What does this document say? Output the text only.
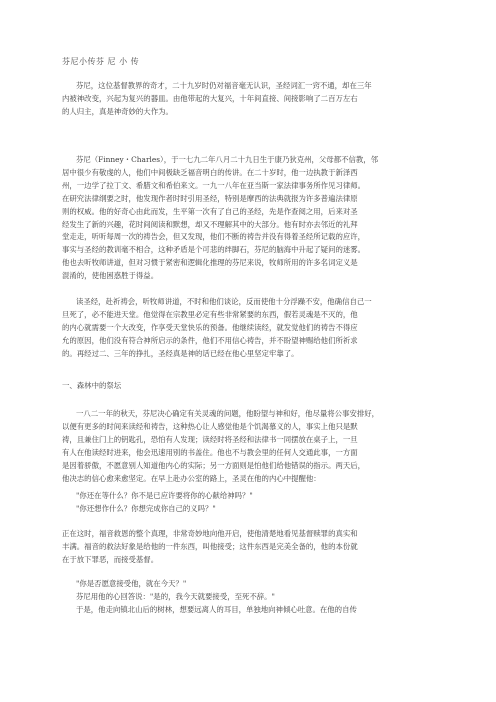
芬尼小传芬 尼 小 传
芬尼，这位基督教界的奇才，二十九岁时仍对福音毫无认识，圣经词汇一窍不通，却在三年
内被神改变，兴起为复兴的器皿。由他带起的大复兴，十年间直接、间接影响了二百万左右
的人归主，真是神奇妙的大作为。
芬尼（Finney・Charles），于一七九二年八月二十九日生于康乃狄克州，父母都不信教，邻
居中很少有敬虔的人，他们中间极缺乏福音明白的传讲。在二十岁时，他一边执教于新泽西
州，一边学了拉丁文、希腊文和希伯来文。一九一八年在亚当斯一家法律事务所作见习律师。
在研究法律纲要之时，他发现作者时时引用圣经，特别是摩西的法典就报为许多普遍法律原
则的权威。他的好奇心由此而发，生平第一次有了自己的圣经，先是作查阅之用，后来对圣
经发生了新的兴趣，花时间阅读和默想，却又不理解其中的大部分。他有时亦去邻近的礼拜
堂走走，听听每周一次的祷告会，但又发现，他们不断的祷告并没有得着圣经所记载的应许，
事实与圣经的教训毫不相合，这种矛盾是个可悲的绊脚石，芬尼的脑海中升起了疑问的迷雾。
他也去听牧师讲道，但对习惯于紧密和逻辑化推理的芬尼来说，牧师所用的许多名词定义是
混淆的，使他困惑胜于得益。
读圣经，赴祈祷会，听牧师讲道，不时和他们谈论，反而使他十分浮躁不安，他确信自己一
旦死了，必不能进天堂。他觉得在宗教里必定有些非常紧要的东西，假若灵魂是不灭的，他
的内心就需要一个大改变，作享受天堂快乐的预备。他继续读经，就发觉他们的祷告不得应
允的原因，他们没有符合神所启示的条件，他们不用信心祷告，并不盼望神赐给他们所祈求
的。再经过二、三年的挣扎，圣经真是神的话已经在他心里坚定牢靠了。
一、森林中的祭坛
一八二一年的秋天，芬尼决心确定有关灵魂的问题，他盼望与神和好，他尽量将公事安排好，
以便有更多的时间来读经和祷告，这种热心让人感觉他是个饥渴慕义的人，事实上他只是默
祷，且兼住门上的钥匙孔，恐怕有人发现；读经时将圣经和法律书一同摆放在桌子上，一旦
有人在他读经时进来，他会迅速用别的书盖住。他也不与教会里的任何人交通此事，一方面
是因着骄傲，不愿意别人知道他内心的实际；另一方面则是怕他们给他错误的指示。两天后，
他决志的信心愈来愈坚定。在早上赴办公室的路上，圣灵在他的内心中提醒他：
"你还在等什么？你不是已应许要将你的心献给神吗？"
"你还想作什么？你想完成你自己的义吗？"
正在这时，福音救恩的整个真理，非常奇妙地向他开启，使他清楚地看见基督赎罪的真实和
丰满。福音的救法好象是给他的一件东西，叫他接受；这件东西是完美全备的，他的本份就
在于放下罪恶，而接受基督。
"你是否愿意接受他，就在今天？"
芬尼用他的心回答说："是的，我今天就要接受，至死不辞。"
于是，他走向镇北山后的树林，想要远离人的耳目，单独地向神倾心吐意。在他的自传
